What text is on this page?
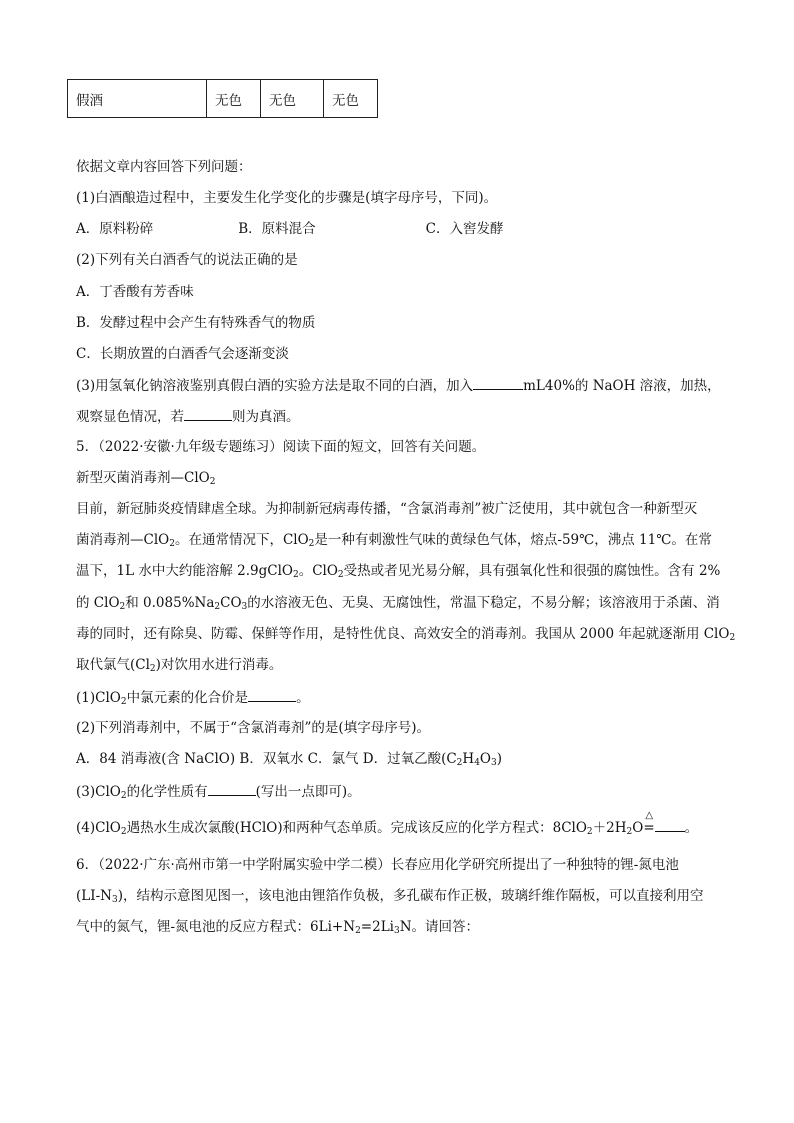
假酒	无色	无色	无色
依据文章内容回答下列问题：
(1)白酒酿造过程中，主要发生化学变化的步骤是(填字母序号，下同)。
A．原料粉碎	B．原料混合	C．入窖发酵
(2)下列有关白酒香气的说法正确的是
A．丁香酸有芳香味
B．发酵过程中会产生有特殊香气的物质
C．长期放置的白酒香气会逐渐变淡
(3)用氢氧化钠溶液鉴别真假白酒的实验方法是取不同的白酒，加入	mL40%的 NaOH 溶液，加热，
观察显色情况，若	则为真酒。
5．（2022·安徽·九年级专题练习）阅读下面的短文，回答有关问题。
新型灭菌消毒剂—ClO$_2$
目前，新冠肺炎疫情肆虐全球。为抑制新冠病毒传播，“含氯消毒剂”被广泛使用，其中就包含一种新型灭
菌消毒剂—ClO$_2$。在通常情况下，ClO$_2$是一种有刺激性气味的黄绿色气体，熔点-59℃，沸点 11℃。在常
温下，1L 水中大约能溶解 2.9gClO$_2$。ClO$_2$受热或者见光易分解，具有强氧化性和很强的腐蚀性。含有 2%
的 ClO$_2$和 $0.085\%Na_2CO_3$的水溶液无色、无臭、无腐蚀性，常温下稳定，不易分解；该溶液用于杀菌、消
毒的同时，还有除臭、防霉、保鲜等作用，是特性优良、高效安全的消毒剂。我国从 2000 年起就逐渐用 ClO$_2$
取代氯气$(Cl_2)$对饮用水进行消毒。
(1)ClO$_2$中氯元素的化合价是	。
(2)下列消毒剂中，不属于“含氯消毒剂”的是(填字母序号)。
A．84 消毒液(含 NaClO) B．双氧水 C．氯气 D．过氧乙酸$(C_2H_4O_3)$
(3)ClO$_2$的化学性质有	(写出一点即可)。
(4)ClO$_2$遇热水生成次氯酸(HClO)和两种气态单质。完成该反应的化学方程式：$8ClO_2+2H_2O$
△
= 。
6．（2022·广东·高州市第一中学附属实验中学二模）长春应用化学研究所提出了一种独特的锂-氮电池
$(LI-N_3)$，结构示意图见图一，该电池由锂箔作负极，多孔碳布作正极，玻璃纤维作隔板，可以直接利用空
气中的氮气，锂-氮电池的反应方程式：$6Li+N_2=2Li_3N$。请回答：
